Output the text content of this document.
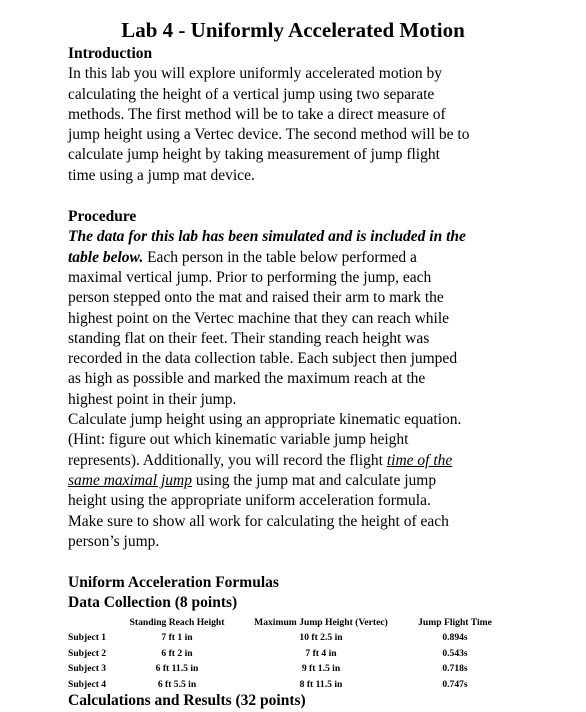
Lab 4 - Uniformly Accelerated Motion
Introduction
In this lab you will explore uniformly accelerated motion by
calculating the height of a vertical jump using two separate
methods. The first method will be to take a direct measure of
jump height using a Vertec device. The second method will be to
calculate jump height by taking measurement of jump flight
time using a jump mat device.
Procedure
The data for this lab has been simulated and is included in the
table below. Each person in the table below performed a
maximal vertical jump. Prior to performing the jump, each
person stepped onto the mat and raised their arm to mark the
highest point on the Vertec machine that they can reach while
standing flat on their feet. Their standing reach height was
recorded in the data collection table. Each subject then jumped
as high as possible and marked the maximum reach at the
highest point in their jump.
Calculate jump height using an appropriate kinematic equation.
(Hint: figure out which kinematic variable jump height
represents). Additionally, you will record the flight time of the
same maximal jump using the jump mat and calculate jump
height using the appropriate uniform acceleration formula.
Make sure to show all work for calculating the height of each
person’s jump.
Uniform Acceleration Formulas
Data Collection (8 points)
	Standing Reach Height	Maximum Jump Height (Vertec)	Jump Flight Time
Subject 1	7 ft 1 in	10 ft 2.5 in	0.894s
Subject 2	6 ft 2 in	7 ft 4 in	0.543s
Subject 3	6 ft 11.5 in	9 ft 1.5 in	0.718s
Subject 4	6 ft 5.5 in	8 ft 11.5 in	0.747s
Calculations and Results (32 points)
